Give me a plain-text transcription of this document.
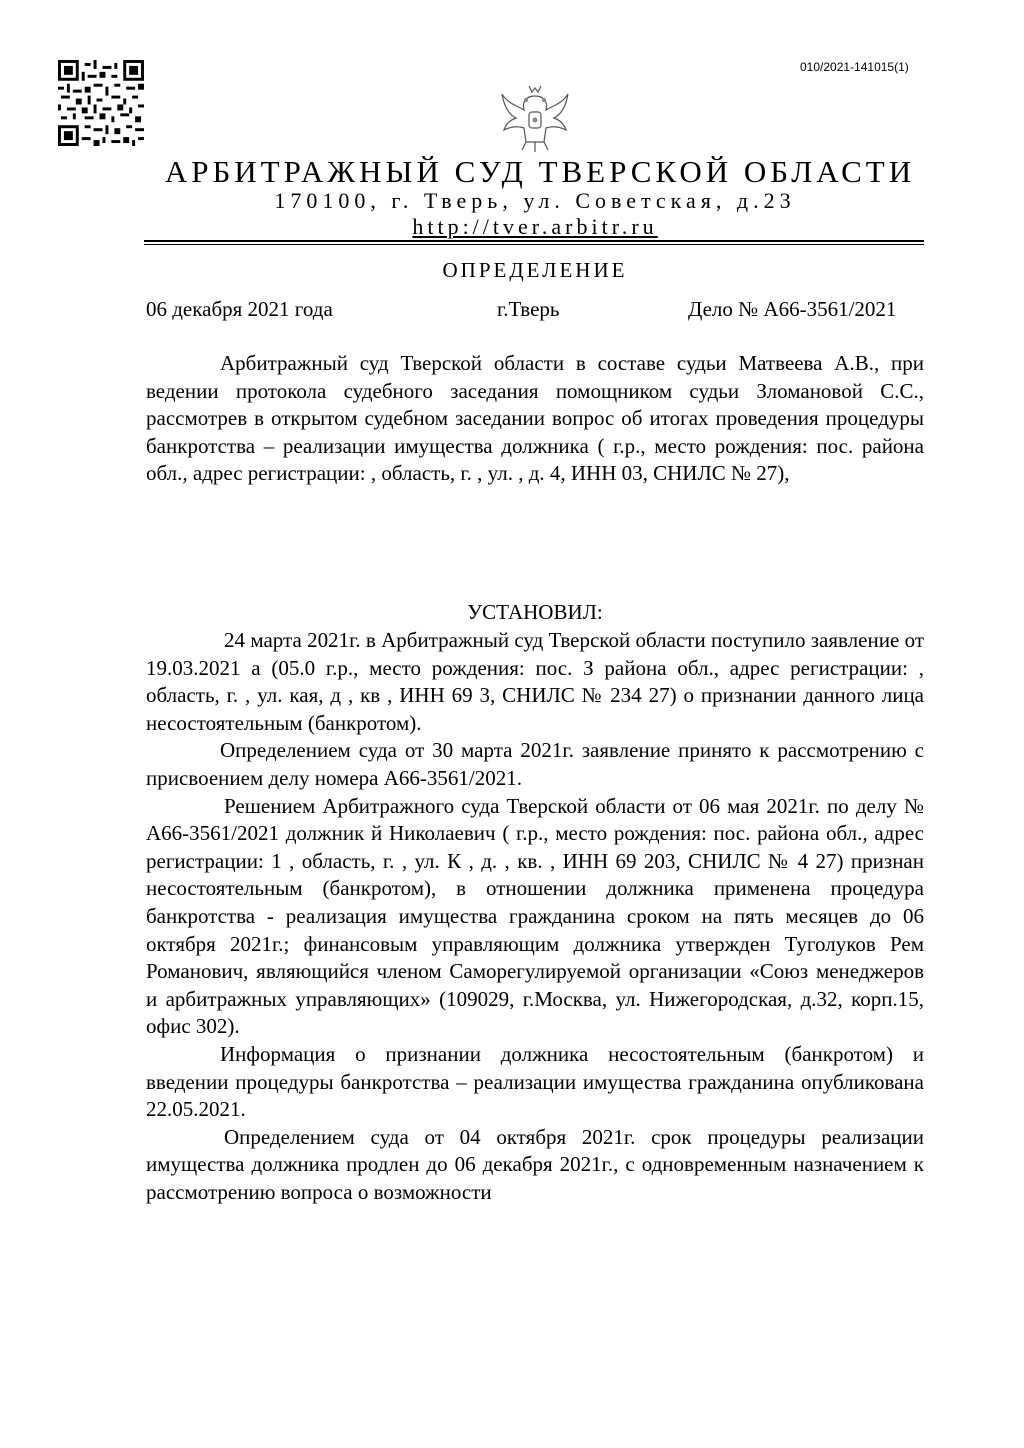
010/2021-141015(1)
АРБИТРАЖНЫЙ СУД ТВЕРСКОЙ ОБЛАСТИ
170100, г. Тверь, ул. Советская, д.23
http://tver.arbitr.ru
ОПРЕДЕЛЕНИЕ
06 декабря 2021 года	г.Тверь	Дело № А66-3561/2021

Арбитражный суд Тверской области в составе судьи Матвеева А.В., при ведении протокола судебного заседания помощником судьи Зломановой С.С., рассмотрев в открытом судебном заседании вопрос об итогах проведения процедуры банкротства – реализации имущества должника ( г.р., место рождения: пос. района обл., адрес регистрации: , область, г. , ул. , д. 4, ИНН 03, СНИЛС № 27),

УСТАНОВИЛ:

24 марта 2021г. в Арбитражный суд Тверской области поступило заявление от 19.03.2021 а (05.0 г.р., место рождения: пос. З района обл., адрес регистрации: , область, г. , ул. кая, д , кв , ИНН 69 3, СНИЛС № 234 27) о признании данного лица несостоятельным (банкротом).

Определением суда от 30 марта 2021г. заявление принято к рассмотрению с присвоением делу номера А66-3561/2021.

Решением Арбитражного суда Тверской области от 06 мая 2021г. по делу № А66-3561/2021 должник й Николаевич ( г.р., место рождения: пос. района обл., адрес регистрации: 1 , область, г. , ул. К , д. , кв. , ИНН 69 203, СНИЛС № 4 27) признан несостоятельным (банкротом), в отношении должника применена процедура банкротства - реализация имущества гражданина сроком на пять месяцев до 06 октября 2021г.; финансовым управляющим должника утвержден Туголуков Рем Романович, являющийся членом Саморегулируемой организации «Союз менеджеров и арбитражных управляющих» (109029, г.Москва, ул. Нижегородская, д.32, корп.15, офис 302).

Информация о признании должника несостоятельным (банкротом) и введении процедуры банкротства – реализации имущества гражданина опубликована 22.05.2021.

Определением суда от 04 октября 2021г. срок процедуры реализации имущества должника продлен до 06 декабря 2021г., с одновременным назначением к рассмотрению вопроса о возможности
